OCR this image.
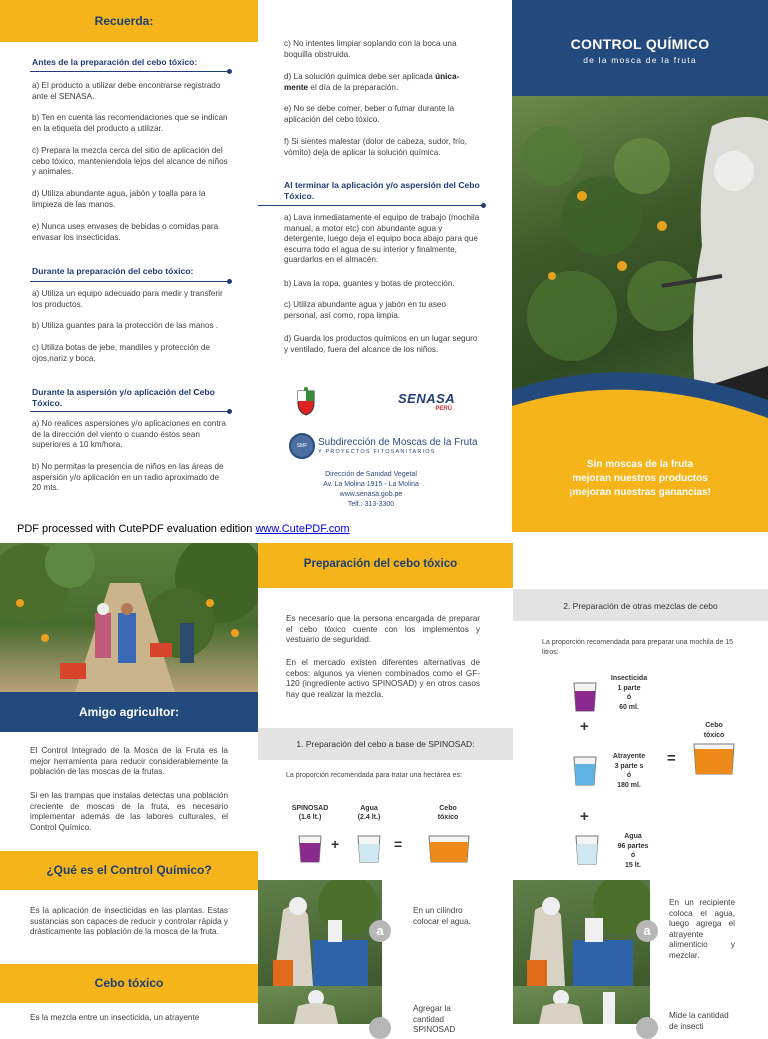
Recuerda:
Antes de la preparación del cebo tóxico:
a) El producto a utilizar debe encontrarse registrado ante el SENASA.
b) Ten en cuenta las recomendaciones que se indican en la etiqueta del producto a utilizar.
c) Prepara la mezcla cerca del sitio de aplicación del cebo tóxico, manteniendola lejos del alcance de niños y animales.
d) Utiliza abundante agua, jabón y toalla para la limpieza de las manos.
e) Nunca uses envases de bebidas o comidas para envasar los insecticidas.
Durante la preparación del cebo tóxico:
a) Utiliza un equipo adecuado para medir y transferir los productos.
b) Utiliza guantes para la protección de las manos .
c) Utiliza botas de jebe, mandiles y protección de ojos,nariz y boca.
Durante la aspersión y/o aplicación del Cebo Tóxico.
a) No realices aspersiones y/o aplicaciones en contra de la dirección del viento o cuando éstos sean superiores a 10 km/hora.
b) No permitas la presencia de niños en las áreas de aspersión y/o aplicación en un radio aproximado de 20 mts.
c) No intentes limpiar soplando con la boca una boquilla obstruida.
d) La solución química debe ser aplicada única-mente el día de la preparación.
e) No se debe comer, beber o fumar durante la aplicación del cebo tóxico.
f) Si sientes malestar (dolor de cabeza, sudor, frío, vómito) deja de aplicar la solución química.
Al terminar la aplicación y/o aspersión del Cebo Tóxico.
a) Lava inmediatamente el equipo de trabajo (mochila manual, a motor etc) con abundante agua y detergente, luego deja el equipo boca abajo para que escurra todo el agua de su interior y finalmente, guardarlos en el almacén.
b) Lava la ropa, guantes y botas de protección.
c) Utiliza abundante agua y jabón en tu aseo personal, así como, ropa limpia.
d) Guarda los productos químicos en un lugar seguro y ventilado, fuera del alcance de los niños.
SENASA
PERÚ
SMF	Subdirección de Moscas de la Fruta
Y PROYECTOS FITOSANITARIOS
Dirección de Sanidad Vegetal
Av. La Molina 1915 - La Molina
www.senasa.gob.pe
Telf.: 313-3300
CONTROL QUÍMICO
de la mosca de la fruta
Sin moscas de la fruta
mejoran nuestros productos
¡mejoran nuestras ganancias!
PDF processed with CutePDF evaluation edition www.CutePDF.com
Amigo agricultor:
El Control Integrado de la Mosca de la Fruta es la mejor herramienta para reducir considerablemente la población de las moscas de la frutas.
Si en las trampas que instalas detectas una población creciente de moscas de la fruta, es necesario implementar además de las labores culturales, el Control Químico.
¿Qué es el Control Químico?
Es la aplicación de insecticidas en las plantas. Estas sustancias son capaces de reducir y controlar rápida y drásticamente las población de la mosca de la fruta.
Cebo tóxico
Es la mezcla entre un insecticida, un atrayente
Preparación del cebo tóxico
Es necesario que la persona encargada de preparar el cebo tóxico cuente con los implementos y vestuario de seguridad.
En el mercado existen diferentes alternativas de cebos: algunos ya vienen combinados como el GF-120 (ingrediente activo SPINOSAD) y en otros casos hay que realizar la mezcla.
1. Preparación del cebo a base de SPINOSAD:
La proporción recomendada para tratar una hectárea es:
SPINOSAD
(1.6 lt.)
Agua
(2.4 lt.)
Cebo
tóxico
+	=
a
En un cilindro colocar el agua.
Agregar la cantidad SPINOSAD
2. Preparación de otras mezclas de cebo
La proporción recomendada para preparar una mochila de 15 litros:
Insecticida
1 parte
ó
60 ml.
+
Atrayente
3 parte s
ó
180 ml.
=
Cebo
tóxico
+
Agua
96 partes
ó
15 lt.
a
En un recipiente coloca el agua, luego agrega el atrayente alimenticio y mezclar.
Mide la cantidad de insecti
